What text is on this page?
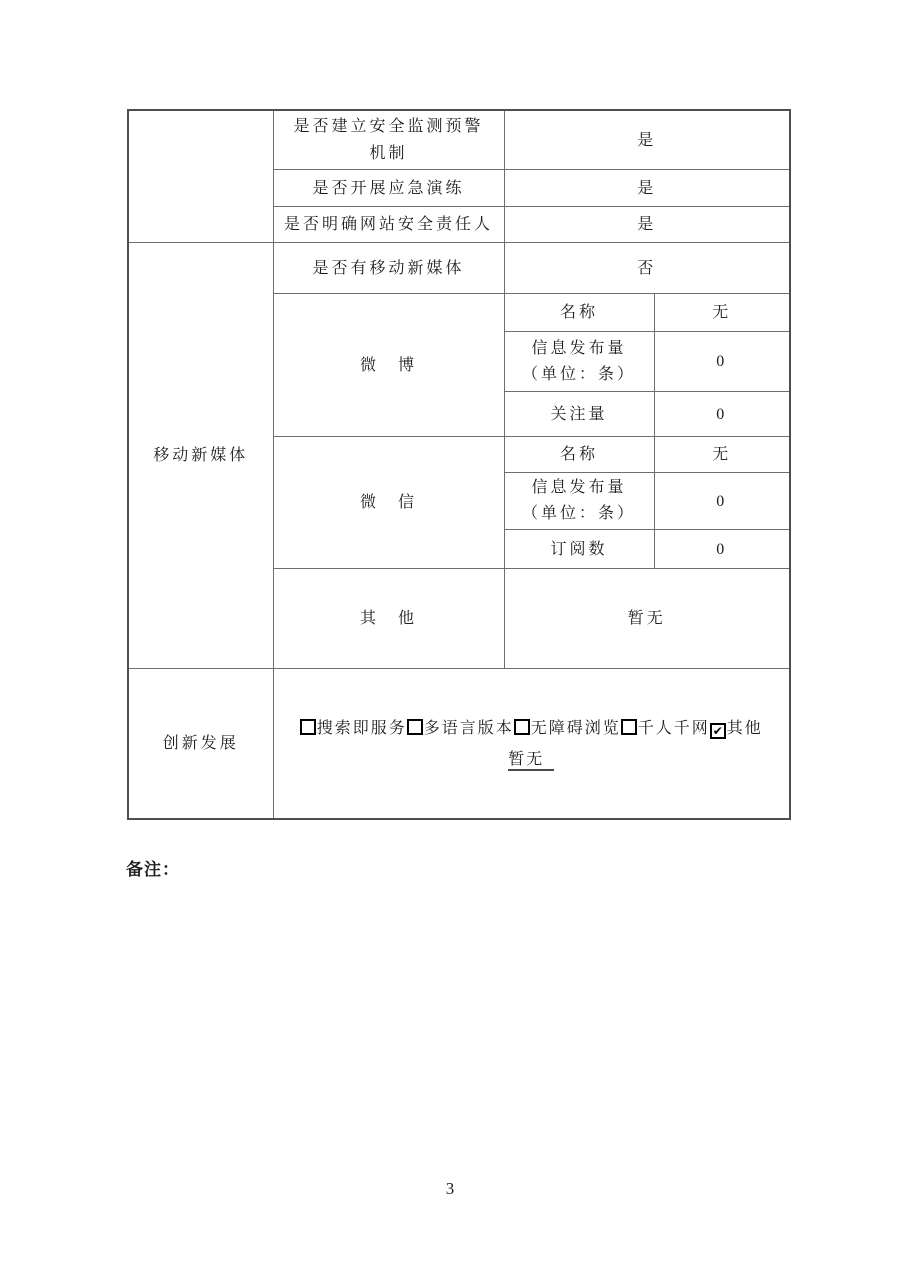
	是否建立安全监测预警机制	是	
	是否开展应急演练	是	
	是否明确网站安全责任人	是	
移动新媒体	是否有移动新媒体	否	
	微　博	名称	无

		信息发布量
（单位：条）	0
		关注量	0
	微　信	名称	无

		信息发布量
（单位：条）	0
		订阅数	0
	其　他	暂无	
创新发展	搜索即服务 多语言版本 无障碍浏览 千人千网 ✔ 其他
暂无		
备注：
3
